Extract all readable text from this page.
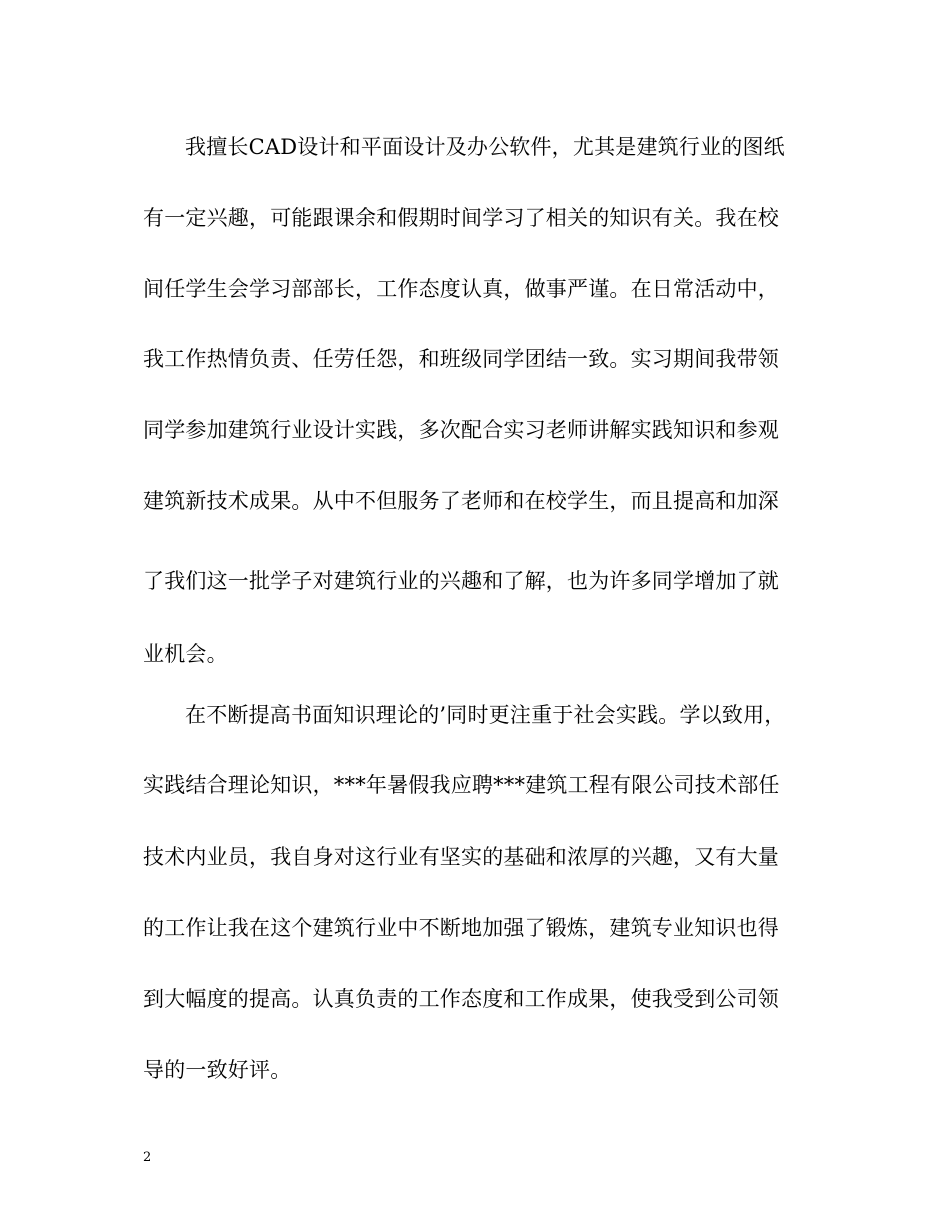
我擅长CAD设计和平面设计及办公软件，尤其是建筑行业的图纸
有一定兴趣，可能跟课余和假期时间学习了相关的知识有关。我在校
间任学生会学习部部长，工作态度认真，做事严谨。在日常活动中，
我工作热情负责、任劳任怨，和班级同学团结一致。实习期间我带领
同学参加建筑行业设计实践，多次配合实习老师讲解实践知识和参观
建筑新技术成果。从中不但服务了老师和在校学生，而且提高和加深
了我们这一批学子对建筑行业的兴趣和了解，也为许多同学增加了就
业机会。
在不断提高书面知识理论的’同时更注重于社会实践。学以致用，
实践结合理论知识，***年暑假我应聘***建筑工程有限公司技术部任
技术内业员，我自身对这行业有坚实的基础和浓厚的兴趣，又有大量
的工作让我在这个建筑行业中不断地加强了锻炼，建筑专业知识也得
到大幅度的提高。认真负责的工作态度和工作成果，使我受到公司领
导的一致好评。
2
